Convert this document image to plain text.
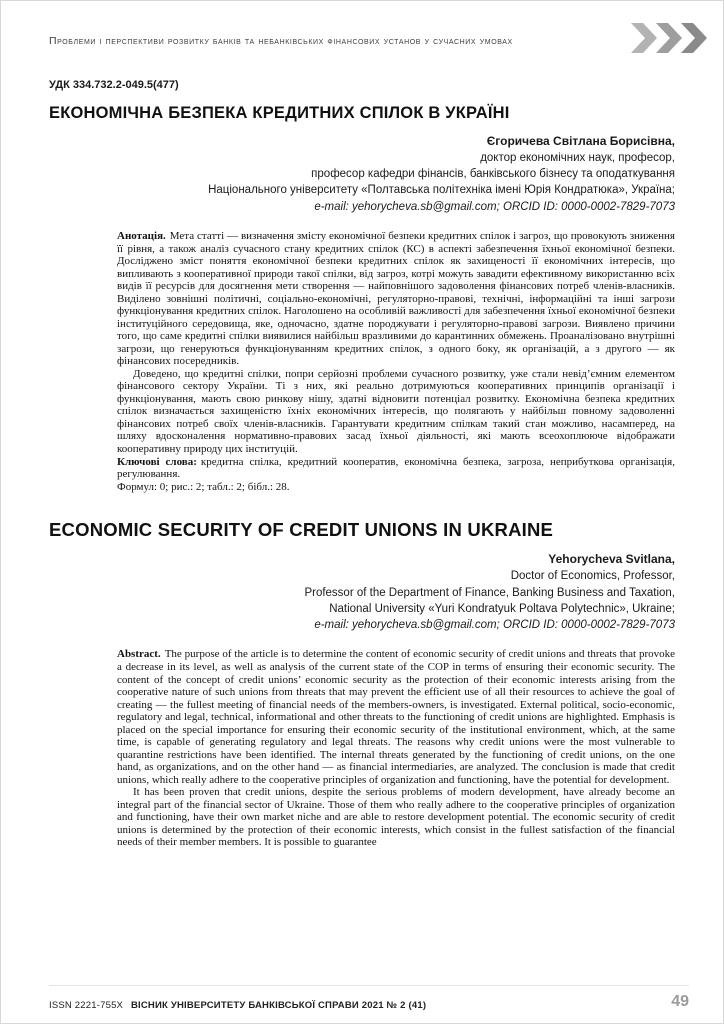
Проблеми і перспективи розвитку банків та небанківських фінансових установ у сучасних умовах
УДК 334.732.2-049.5(477)
ЕКОНОМІЧНА БЕЗПЕКА КРЕДИТНИХ СПІЛОК В УКРАЇНІ
Єгоричева Світлана Борисівна,
доктор економічних наук, професор,
професор кафедри фінансів, банківського бізнесу та оподаткування
Національного університету «Полтавська політехніка імені Юрія Кондратюка», Україна;
e-mail: yehorycheva.sb@gmail.com; ORCID ID: 0000-0002-7829-7073

Анотація. Мета статті — визначення змісту економічної безпеки кредитних спілок і загроз, що провокують зниження її рівня, а також аналіз сучасного стану кредитних спілок (КС) в аспекті забезпечення їхньої економічної безпеки. Досліджено зміст поняття економічної безпеки кредитних спілок як захищеності її економічних інтересів, що випливають з кооперативної природи такої спілки, від загроз, котрі можуть завадити ефективному використанню всіх видів її ресурсів для досягнення мети створення — найповнішого задоволення фінансових потреб членів-власників. Виділено зовнішні політичні, соціально-економічні, регуляторно-правові, технічні, інформаційні та інші загрози функціонування кредитних спілок. Наголошено на особливій важливості для забезпечення їхньої економічної безпеки інституційного середовища, яке, одночасно, здатне породжувати і регуляторно-правові загрози. Виявлено причини того, що саме кредитні спілки виявилися найбільш вразливими до карантинних обмежень. Проаналізовано внутрішні загрози, що генеруються функціонуванням кредитних спілок, з одного боку, як організацій, а з другого — як фінансових посередників.

Доведено, що кредитні спілки, попри серйозні проблеми сучасного розвитку, уже стали невід’ємним елементом фінансового сектору України. Ті з них, які реально дотримуються кооперативних принципів організації і функціонування, мають свою ринкову нішу, здатні відновити потенціал розвитку. Економічна безпека кредитних спілок визначається захищеністю їхніх економічних інтересів, що полягають у найбільш повному задоволенні фінансових потреб своїх членів-власників. Гарантувати кредитним спілкам такий стан можливо, насамперед, на шляху вдосконалення нормативно-правових засад їхньої діяльності, які мають всеохоплююче відображати кооперативну природу цих інституцій.

Ключові слова: кредитна спілка, кредитний кооператив, економічна безпека, загроза, неприбуткова організація, регулювання.

Формул: 0; рис.: 2; табл.: 2; бібл.: 28.

ECONOMIC SECURITY OF CREDIT UNIONS IN UKRAINE
Yehorycheva Svitlana,
Doctor of Economics, Professor,
Professor of the Department of Finance, Banking Business and Taxation,
National University «Yuri Kondratyuk Poltava Polytechnic», Ukraine;
e-mail: yehorycheva.sb@gmail.com; ORCID ID: 0000-0002-7829-7073

Abstract. The purpose of the article is to determine the content of economic security of credit unions and threats that provoke a decrease in its level, as well as analysis of the current state of the COP in terms of ensuring their economic security. The content of the concept of credit unions’ economic security as the protection of their economic interests arising from the cooperative nature of such unions from threats that may prevent the efficient use of all their resources to achieve the goal of creating — the fullest meeting of financial needs of the members-owners, is investigated. External political, socio-economic, regulatory and legal, technical, informational and other threats to the functioning of credit unions are highlighted. Emphasis is placed on the special importance for ensuring their economic security of the institutional environment, which, at the same time, is capable of generating regulatory and legal threats. The reasons why credit unions were the most vulnerable to quarantine restrictions have been identified. The internal threats generated by the functioning of credit unions, on the one hand, as organizations, and on the other hand — as financial intermediaries, are analyzed. The conclusion is made that credit unions, which really adhere to the cooperative principles of organization and functioning, have the potential for development.

It has been proven that credit unions, despite the serious problems of modern development, have already become an integral part of the financial sector of Ukraine. Those of them who really adhere to the cooperative principles of organization and functioning, have their own market niche and are able to restore development potential. The economic security of credit unions is determined by the protection of their economic interests, which consist in the fullest satisfaction of the financial needs of their member members. It is possible to guarantee

ISSN 2221-755X ВІСНИК УНІВЕРСИТЕТУ БАНКІВСЬКОЇ СПРАВИ 2021 № 2 (41)	49
